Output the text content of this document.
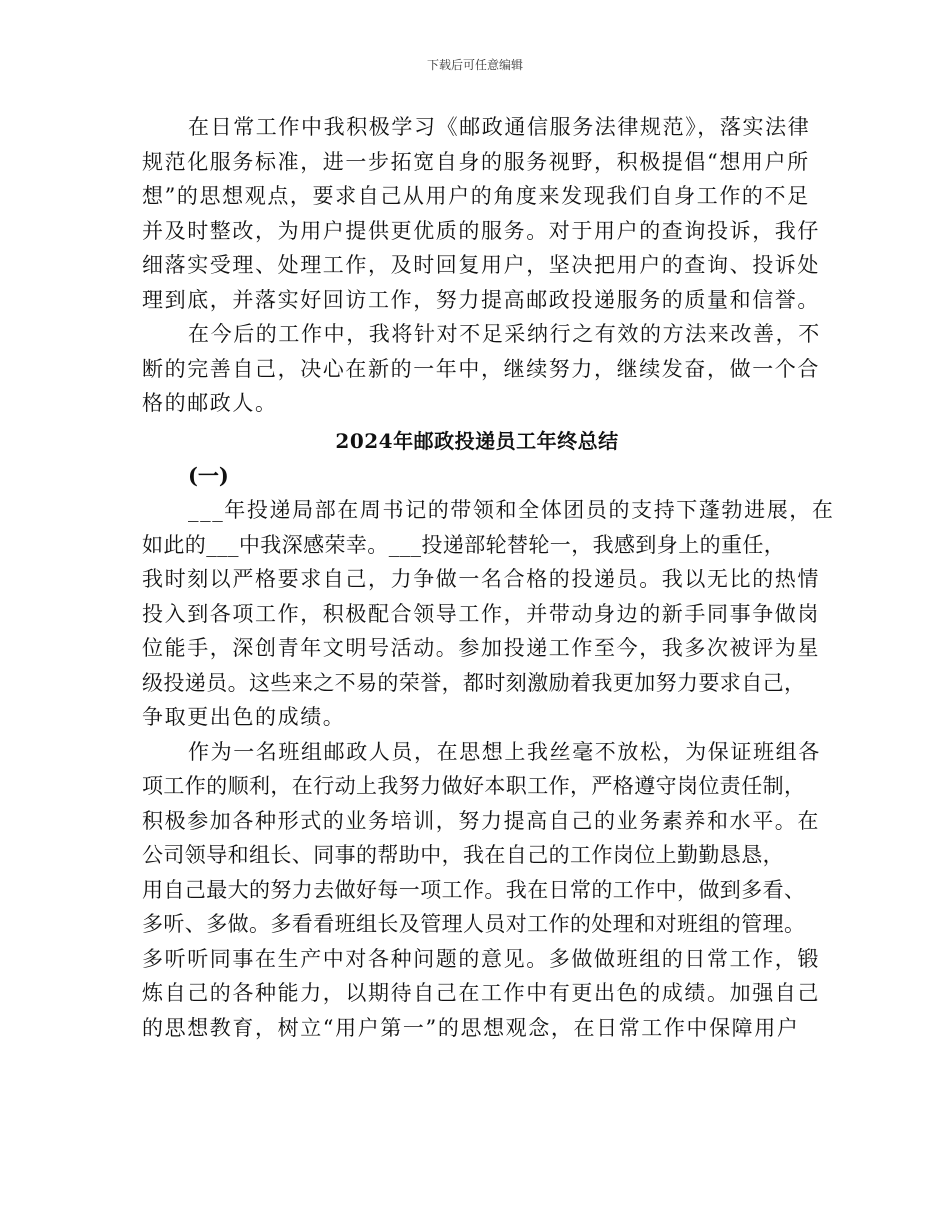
下载后可任意编辑
在日常工作中我积极学习《邮政通信服务法律规范》，落实法律
规范化服务标准，进一步拓宽自身的服务视野，积极提倡“想用户所
想”的思想观点，要求自己从用户的角度来发现我们自身工作的不足
并及时整改，为用户提供更优质的服务。对于用户的查询投诉，我仔
细落实受理、处理工作，及时回复用户，坚决把用户的查询、投诉处
理到底，并落实好回访工作，努力提高邮政投递服务的质量和信誉。
在今后的工作中，我将针对不足采纳行之有效的方法来改善，不
断的完善自己，决心在新的一年中，继续努力，继续发奋，做一个合
格的邮政人。
2024年邮政投递员工年终总结
(一)
___年投递局部在周书记的带领和全体团员的支持下蓬勃进展，在
如此的___中我深感荣幸。___投递部轮替轮一，我感到身上的重任，
我时刻以严格要求自己，力争做一名合格的投递员。我以无比的热情
投入到各项工作，积极配合领导工作，并带动身边的新手同事争做岗
位能手，深创青年文明号活动。参加投递工作至今，我多次被评为星
级投递员。这些来之不易的荣誉，都时刻激励着我更加努力要求自己，
争取更出色的成绩。
作为一名班组邮政人员，在思想上我丝毫不放松，为保证班组各
项工作的顺利，在行动上我努力做好本职工作，严格遵守岗位责任制，
积极参加各种形式的业务培训，努力提高自己的业务素养和水平。在
公司领导和组长、同事的帮助中，我在自己的工作岗位上勤勤恳恳，
用自己最大的努力去做好每一项工作。我在日常的工作中，做到多看、
多听、多做。多看看班组长及管理人员对工作的处理和对班组的管理。
多听听同事在生产中对各种问题的意见。多做做班组的日常工作，锻
炼自己的各种能力，以期待自己在工作中有更出色的成绩。加强自己
的思想教育，树立“用户第一”的思想观念，在日常工作中保障用户
